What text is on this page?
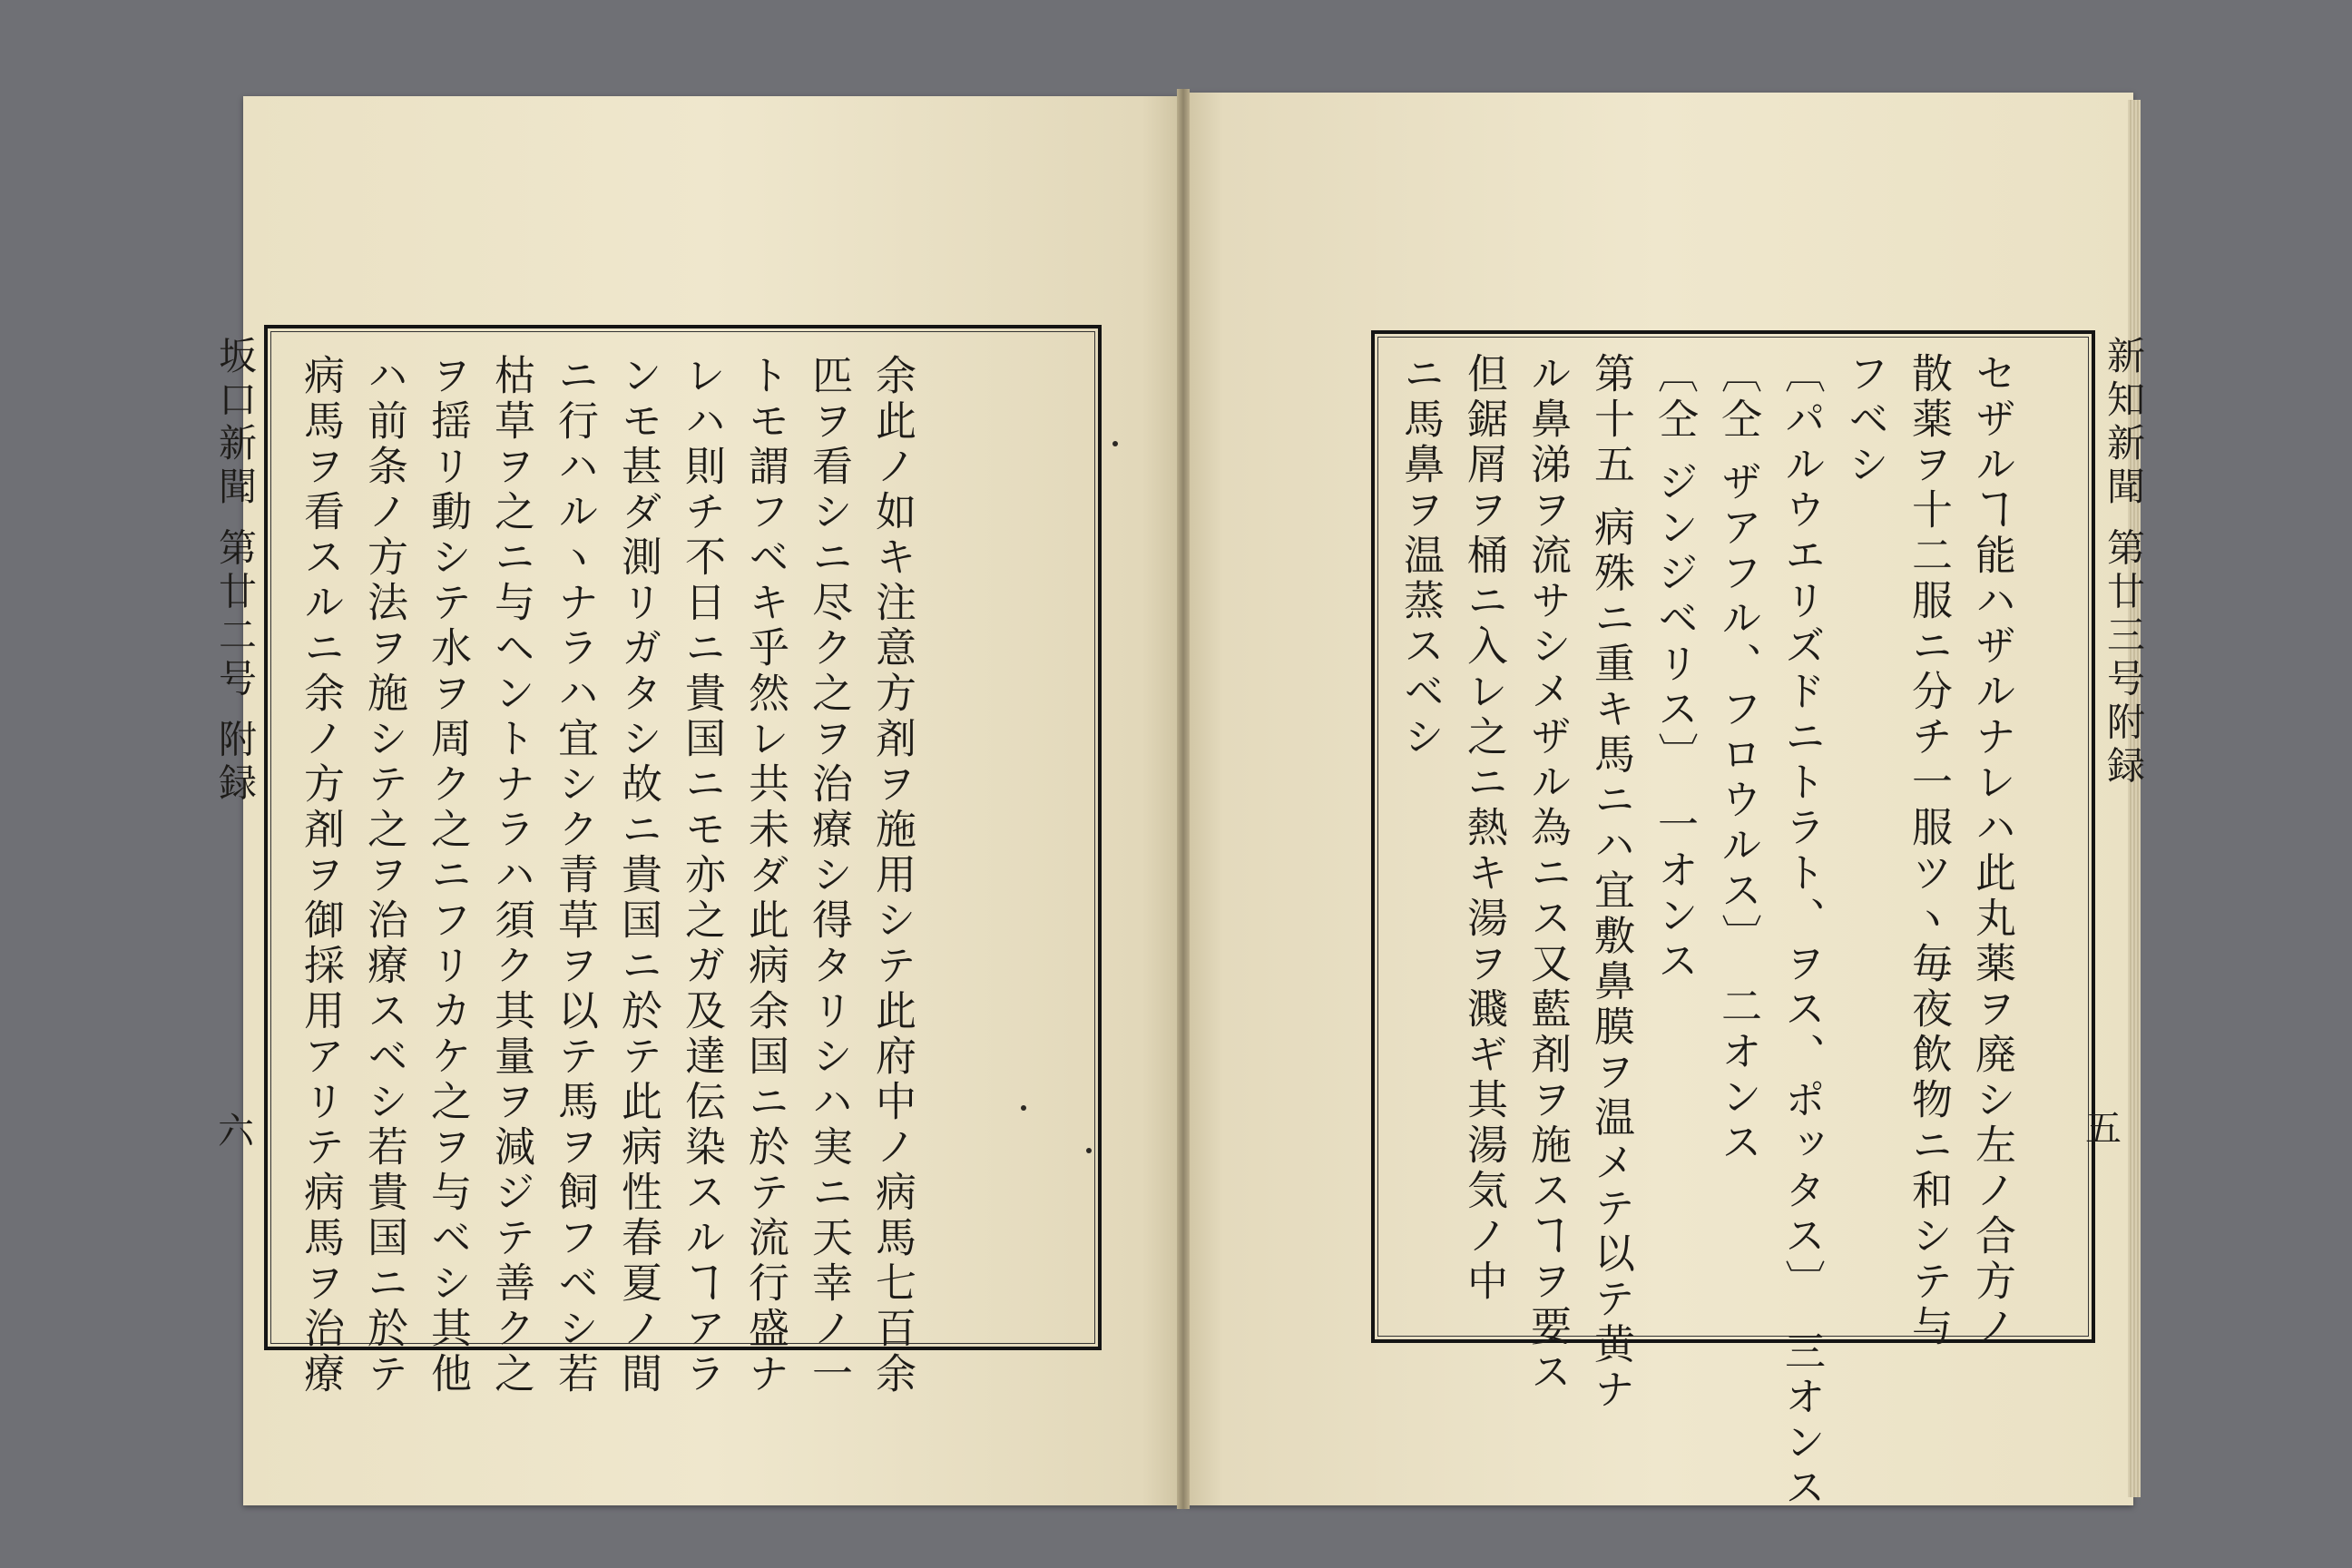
余此ノ如キ注意方剤ヲ施用シテ此府中ノ病馬七百余

匹ヲ看シニ尽ク之ヲ治療シ得タリシハ実ニ天幸ノ一

トモ謂フベキ乎然レ共未ダ此病余国ニ於テ流行盛ナ

レハ則チ不日ニ貴国ニモ亦之ガ及達伝染スルヿアラ

ンモ甚ダ測リガタシ故ニ貴国ニ於テ此病性春夏ノ間

ニ行ハルヽナラハ宜シク青草ヲ以テ馬ヲ飼フベシ若

枯草ヲ之ニ与ヘントナラハ須ク其量ヲ減ジテ善ク之

ヲ揺リ動シテ水ヲ周ク之ニフリカケ之ヲ与ベシ其他

ハ前条ノ方法ヲ施シテ之ヲ治療スベシ若貴国ニ於テ

病馬ヲ看スルニ余ノ方剤ヲ御採用アリテ病馬ヲ治療

坂口新聞 第廿二号 附録
六	セザルヿ能ハザルナレハ此丸薬ヲ廃シ左ノ合方ノ

散薬ヲ十二服ニ分チ一服ツヽ毎夜飲物ニ和シテ与

フベシ

〔 パルウエリズドニトラト、ヲス、ポッタス 〕　三オンス

〔 仝 ザアフル、フロウルス 〕　二オンス

〔 仝 ジンジベリス 〕　一オンス

第十五 病殊ニ重キ馬ニハ宜敷鼻膜ヲ温メテ以テ黄ナ

ル鼻涕ヲ流サシメザル為ニス又藍剤ヲ施スヿヲ要ス

但鋸屑ヲ桶ニ入レ之ニ熱キ湯ヲ濺ギ其湯気ノ中

ニ馬鼻ヲ温蒸スベシ	新知新聞 第廿三号附録
五
